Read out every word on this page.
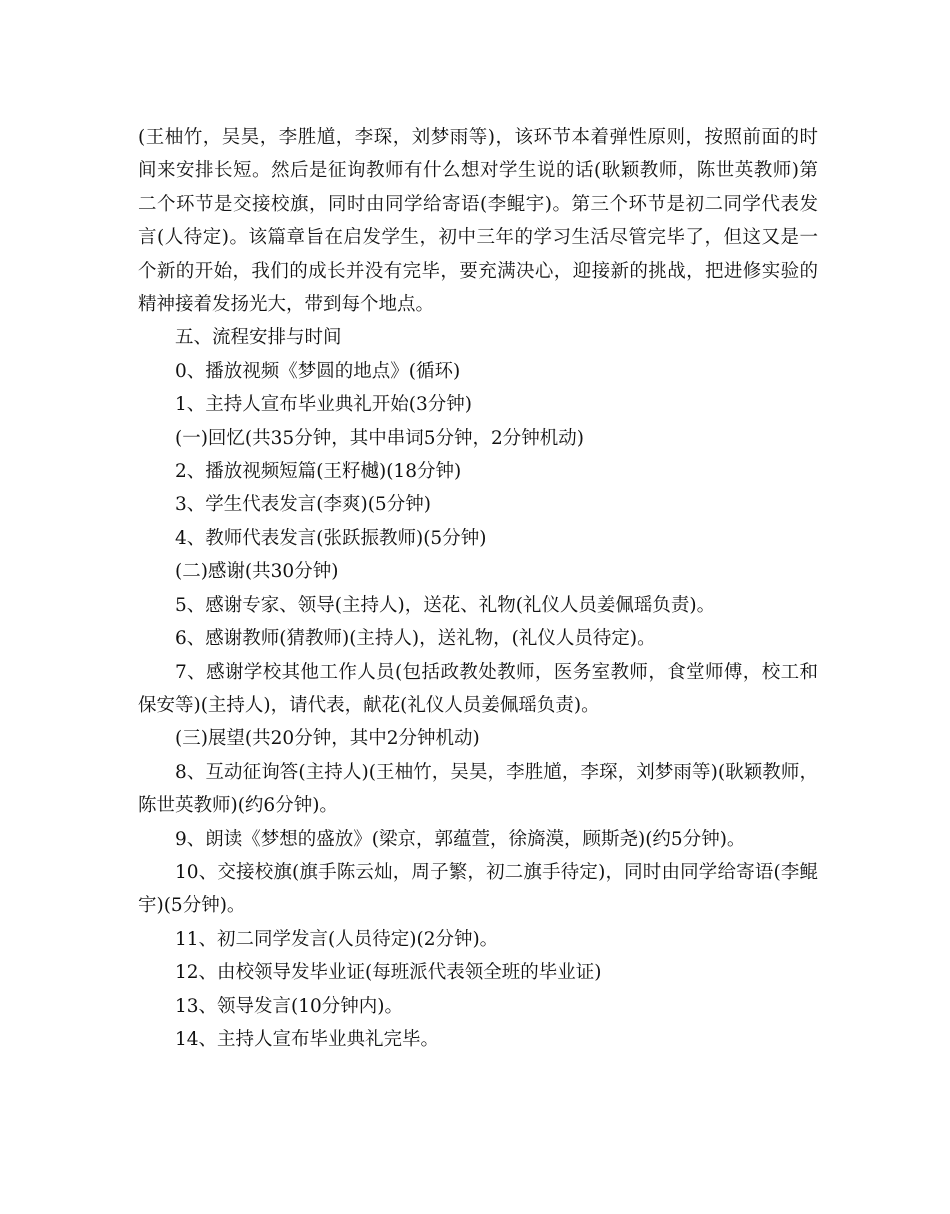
(王柚竹，吴昊，李胜馗，李琛，刘梦雨等)，该环节本着弹性原则，按照前面的时间来安排长短。然后是征询教师有什么想对学生说的话(耿颖教师，陈世英教师)第二个环节是交接校旗，同时由同学给寄语(李鲲宇)。第三个环节是初二同学代表发言(人待定)。该篇章旨在启发学生，初中三年的学习生活尽管完毕了，但这又是一个新的开始，我们的成长并没有完毕，要充满决心，迎接新的挑战，把进修实验的精神接着发扬光大，带到每个地点。

五、流程安排与时间

0、播放视频《梦圆的地点》(循环)

1、主持人宣布毕业典礼开始(3分钟)

(一)回忆(共35分钟，其中串词5分钟，2分钟机动)

2、播放视频短篇(王籽樾)(18分钟)

3、学生代表发言(李爽)(5分钟)

4、教师代表发言(张跃振教师)(5分钟)

(二)感谢(共30分钟)

5、感谢专家、领导(主持人)，送花、礼物(礼仪人员姜佩瑶负责)。

6、感谢教师(猜教师)(主持人)，送礼物，(礼仪人员待定)。

7、感谢学校其他工作人员(包括政教处教师，医务室教师，食堂师傅，校工和保安等)(主持人)，请代表，献花(礼仪人员姜佩瑶负责)。

(三)展望(共20分钟，其中2分钟机动)

8、互动征询答(主持人)(王柚竹，吴昊，李胜馗，李琛，刘梦雨等)(耿颖教师，陈世英教师)(约6分钟)。

9、朗读《梦想的盛放》(梁京，郭蕴萱，徐旖漠，顾斯尧)(约5分钟)。

10、交接校旗(旗手陈云灿，周子繁，初二旗手待定)，同时由同学给寄语(李鲲宇)(5分钟)。

11、初二同学发言(人员待定)(2分钟)。

12、由校领导发毕业证(每班派代表领全班的毕业证)

13、领导发言(10分钟内)。

14、主持人宣布毕业典礼完毕。
